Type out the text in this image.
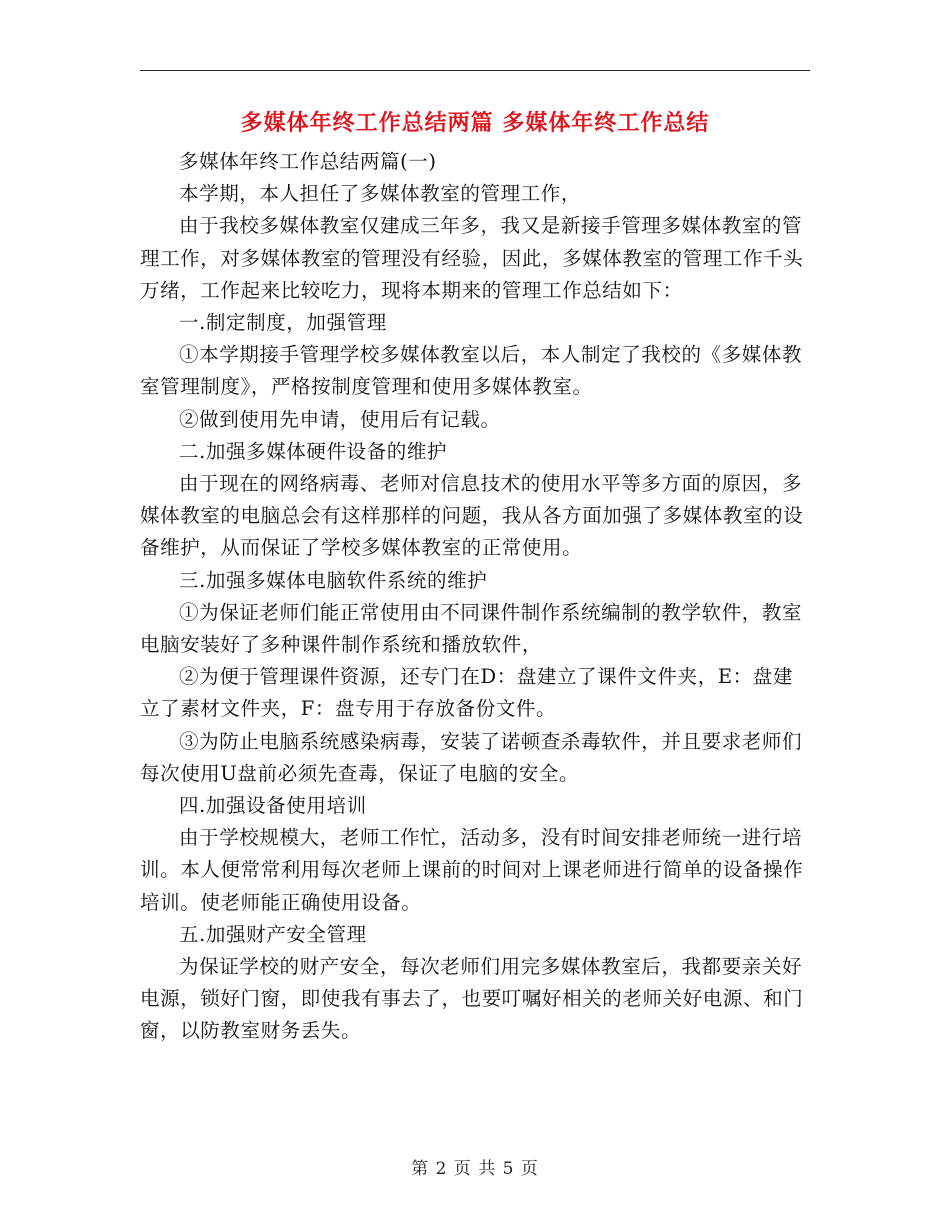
多媒体年终工作总结两篇 多媒体年终工作总结

多媒体年终工作总结两篇(一)

本学期，本人担任了多媒体教室的管理工作，

由于我校多媒体教室仅建成三年多，我又是新接手管理多媒体教室的管理工作，对多媒体教室的管理没有经验，因此，多媒体教室的管理工作千头万绪，工作起来比较吃力，现将本期来的管理工作总结如下：

一.制定制度，加强管理

①本学期接手管理学校多媒体教室以后，本人制定了我校的《多媒体教室管理制度》，严格按制度管理和使用多媒体教室。

②做到使用先申请，使用后有记载。

二.加强多媒体硬件设备的维护

由于现在的网络病毒、老师对信息技术的使用水平等多方面的原因，多媒体教室的电脑总会有这样那样的问题，我从各方面加强了多媒体教室的设备维护，从而保证了学校多媒体教室的正常使用。

三.加强多媒体电脑软件系统的维护

①为保证老师们能正常使用由不同课件制作系统编制的教学软件，教室电脑安装好了多种课件制作系统和播放软件，

②为便于管理课件资源，还专门在D：盘建立了课件文件夹，E：盘建立了素材文件夹，F：盘专用于存放备份文件。

③为防止电脑系统感染病毒，安装了诺顿查杀毒软件，并且要求老师们每次使用U盘前必须先查毒，保证了电脑的安全。

四.加强设备使用培训

由于学校规模大，老师工作忙，活动多，没有时间安排老师统一进行培训。本人便常常利用每次老师上课前的时间对上课老师进行简单的设备操作培训。使老师能正确使用设备。

五.加强财产安全管理

为保证学校的财产安全，每次老师们用完多媒体教室后，我都要亲关好电源，锁好门窗，即使我有事去了，也要叮嘱好相关的老师关好电源、和门窗，以防教室财务丢失。

第 2 页 共 5 页
